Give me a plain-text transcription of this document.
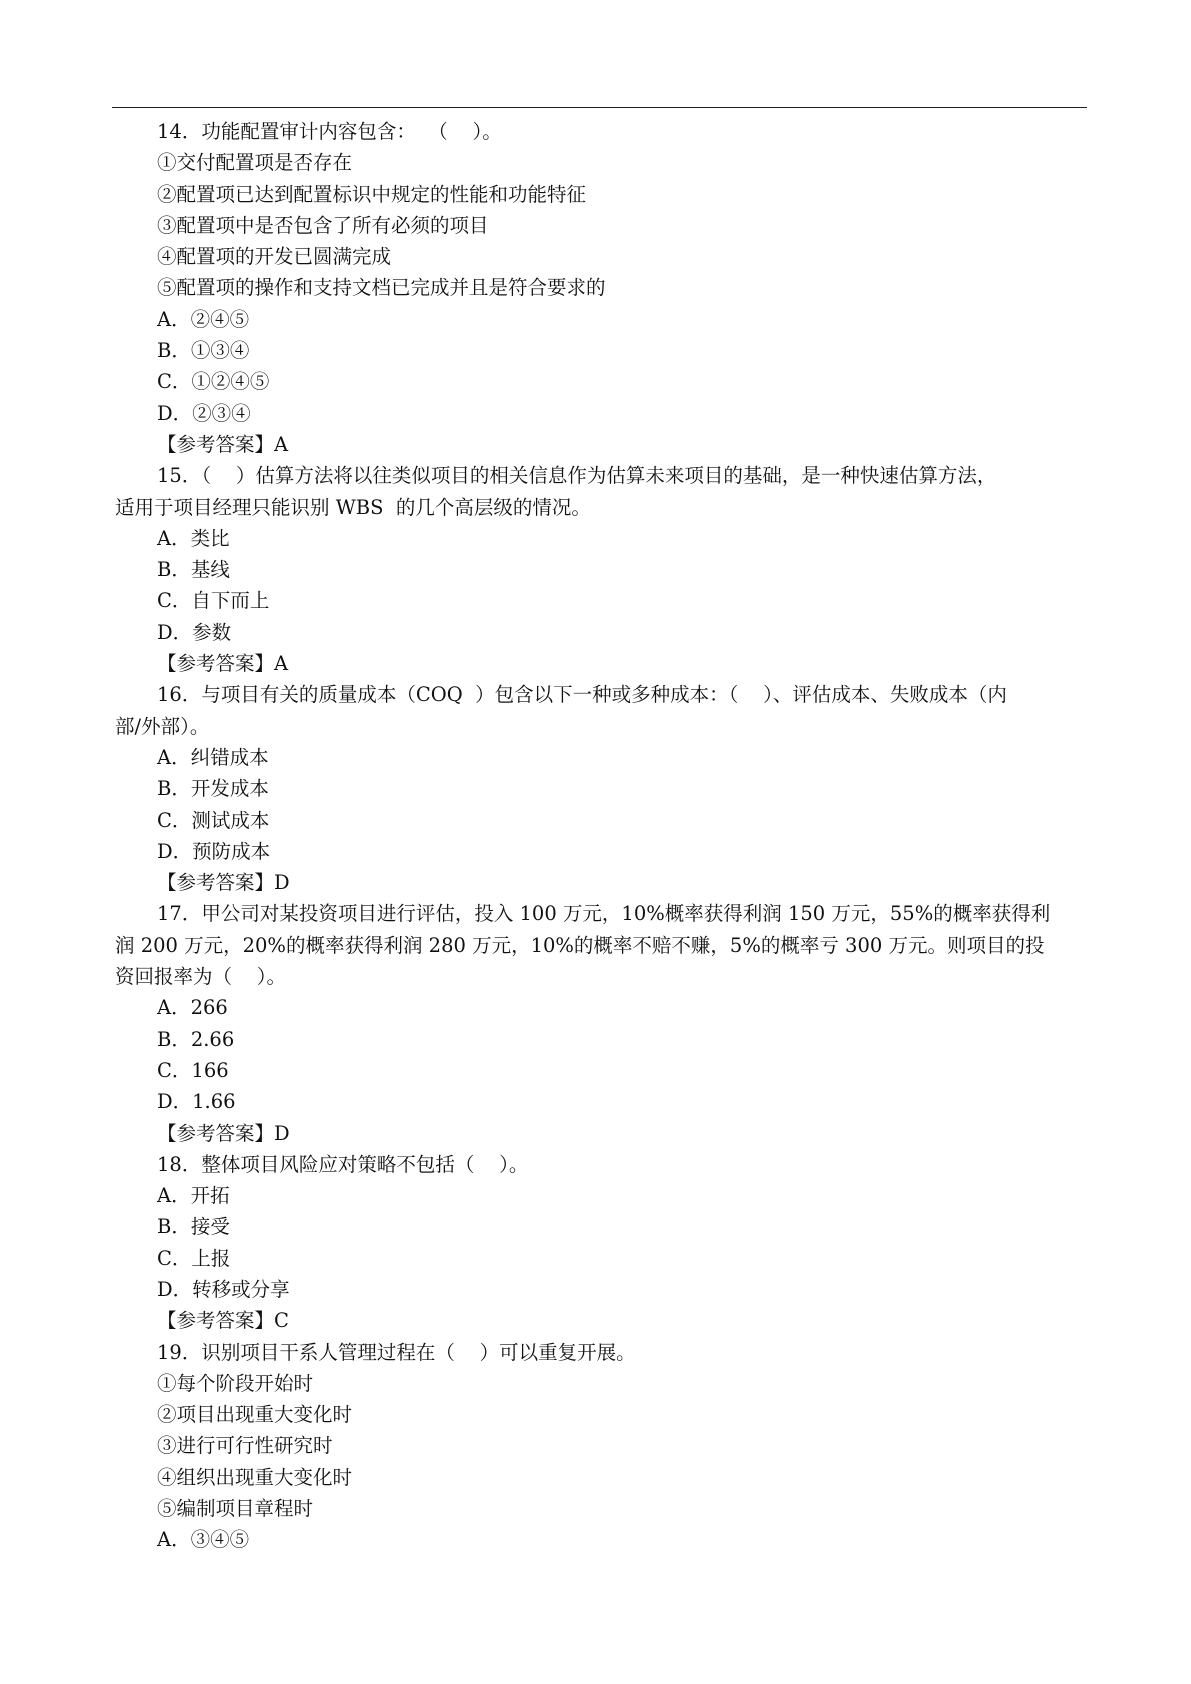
14．功能配置审计内容包含：  （    ）。

①交付配置项是否存在

②配置项已达到配置标识中规定的性能和功能特征

③配置项中是否包含了所有必须的项目

④配置项的开发已圆满完成

⑤配置项的操作和支持文档已完成并且是符合要求的

A．②④⑤

B．①③④

C．①②④⑤

D．②③④

【参考答案】A

15．（    ）估算方法将以往类似项目的相关信息作为估算未来项目的基础，是一种快速估算方法，

适用于项目经理只能识别 WBS  的几个高层级的情况。

A．类比

B．基线

C．自下而上

D．参数

【参考答案】A

16．与项目有关的质量成本（COQ  ）包含以下一种或多种成本：（    ）、评估成本、失败成本（内

部/外部）。

A．纠错成本

B．开发成本

C．测试成本

D．预防成本

【参考答案】D

17．甲公司对某投资项目进行评估，投入 100 万元，10%概率获得利润 150 万元，55%的概率获得利

润 200 万元，20%的概率获得利润 280 万元，10%的概率不赔不赚，5%的概率亏 300 万元。则项目的投

资回报率为（    ）。

A．266

B．2.66

C．166

D．1.66

【参考答案】D

18．整体项目风险应对策略不包括（    ）。

A．开拓

B．接受

C．上报

D．转移或分享

【参考答案】C

19．识别项目干系人管理过程在（    ）可以重复开展。

①每个阶段开始时

②项目出现重大变化时

③进行可行性研究时

④组织出现重大变化时

⑤编制项目章程时

A．③④⑤
